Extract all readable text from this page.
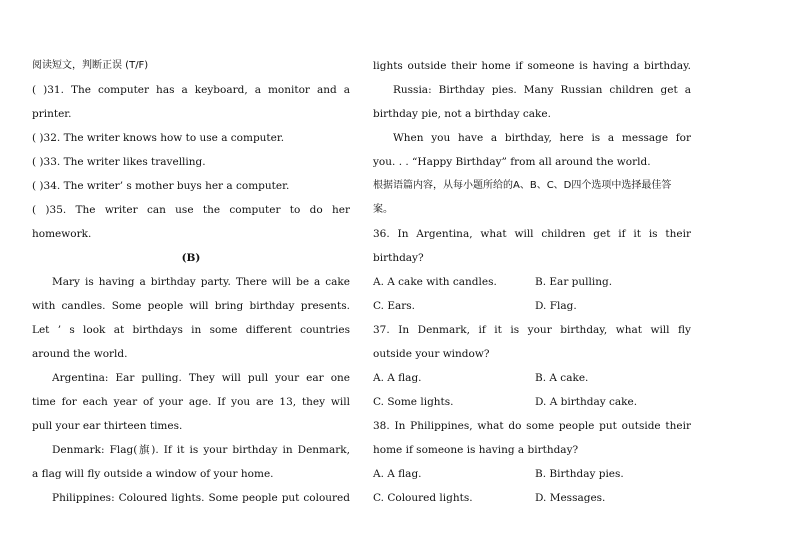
阅读短文，判断正误 (T/F)
( )31. The computer has a keyboard, a monitor and a
printer.
( )32. The writer knows how to use a computer.
( )33. The writer likes travelling.
( )34. The writer’ s mother buys her a computer.
( )35. The writer can use the computer to do her
homework.
(B)
Mary is having a birthday party. There will be a cake
with candles. Some people will bring birthday presents.
Let ’ s look at birthdays in some different countries
around the world.
Argentina: Ear pulling. They will pull your ear one
time for each year of your age. If you are 13, they will
pull your ear thirteen times.
Denmark: Flag(旗). If it is your birthday in Denmark,
a flag will fly outside a window of your home.
Philippines: Coloured lights. Some people put coloured
lights outside their home if someone is having a birthday.
Russia: Birthday pies. Many Russian children get a
birthday pie, not a birthday cake.
When you have a birthday, here is a message for
you. . . “Happy Birthday” from all around the world.
根据语篇内容，从每小题所给的A、B、C、D四个选项中选择最佳答
案。
36. In Argentina, what will children get if it is their
birthday?
A. A cake with candles.	B. Ear pulling.
C. Ears.	D. Flag.
37. In Denmark, if it is your birthday, what will fly
outside your window?
A. A flag.	B. A cake.
C. Some lights.	D. A birthday cake.
38. In Philippines, what do some people put outside their
home if someone is having a birthday?
A. A flag.	B. Birthday pies.
C. Coloured lights.	D. Messages.
